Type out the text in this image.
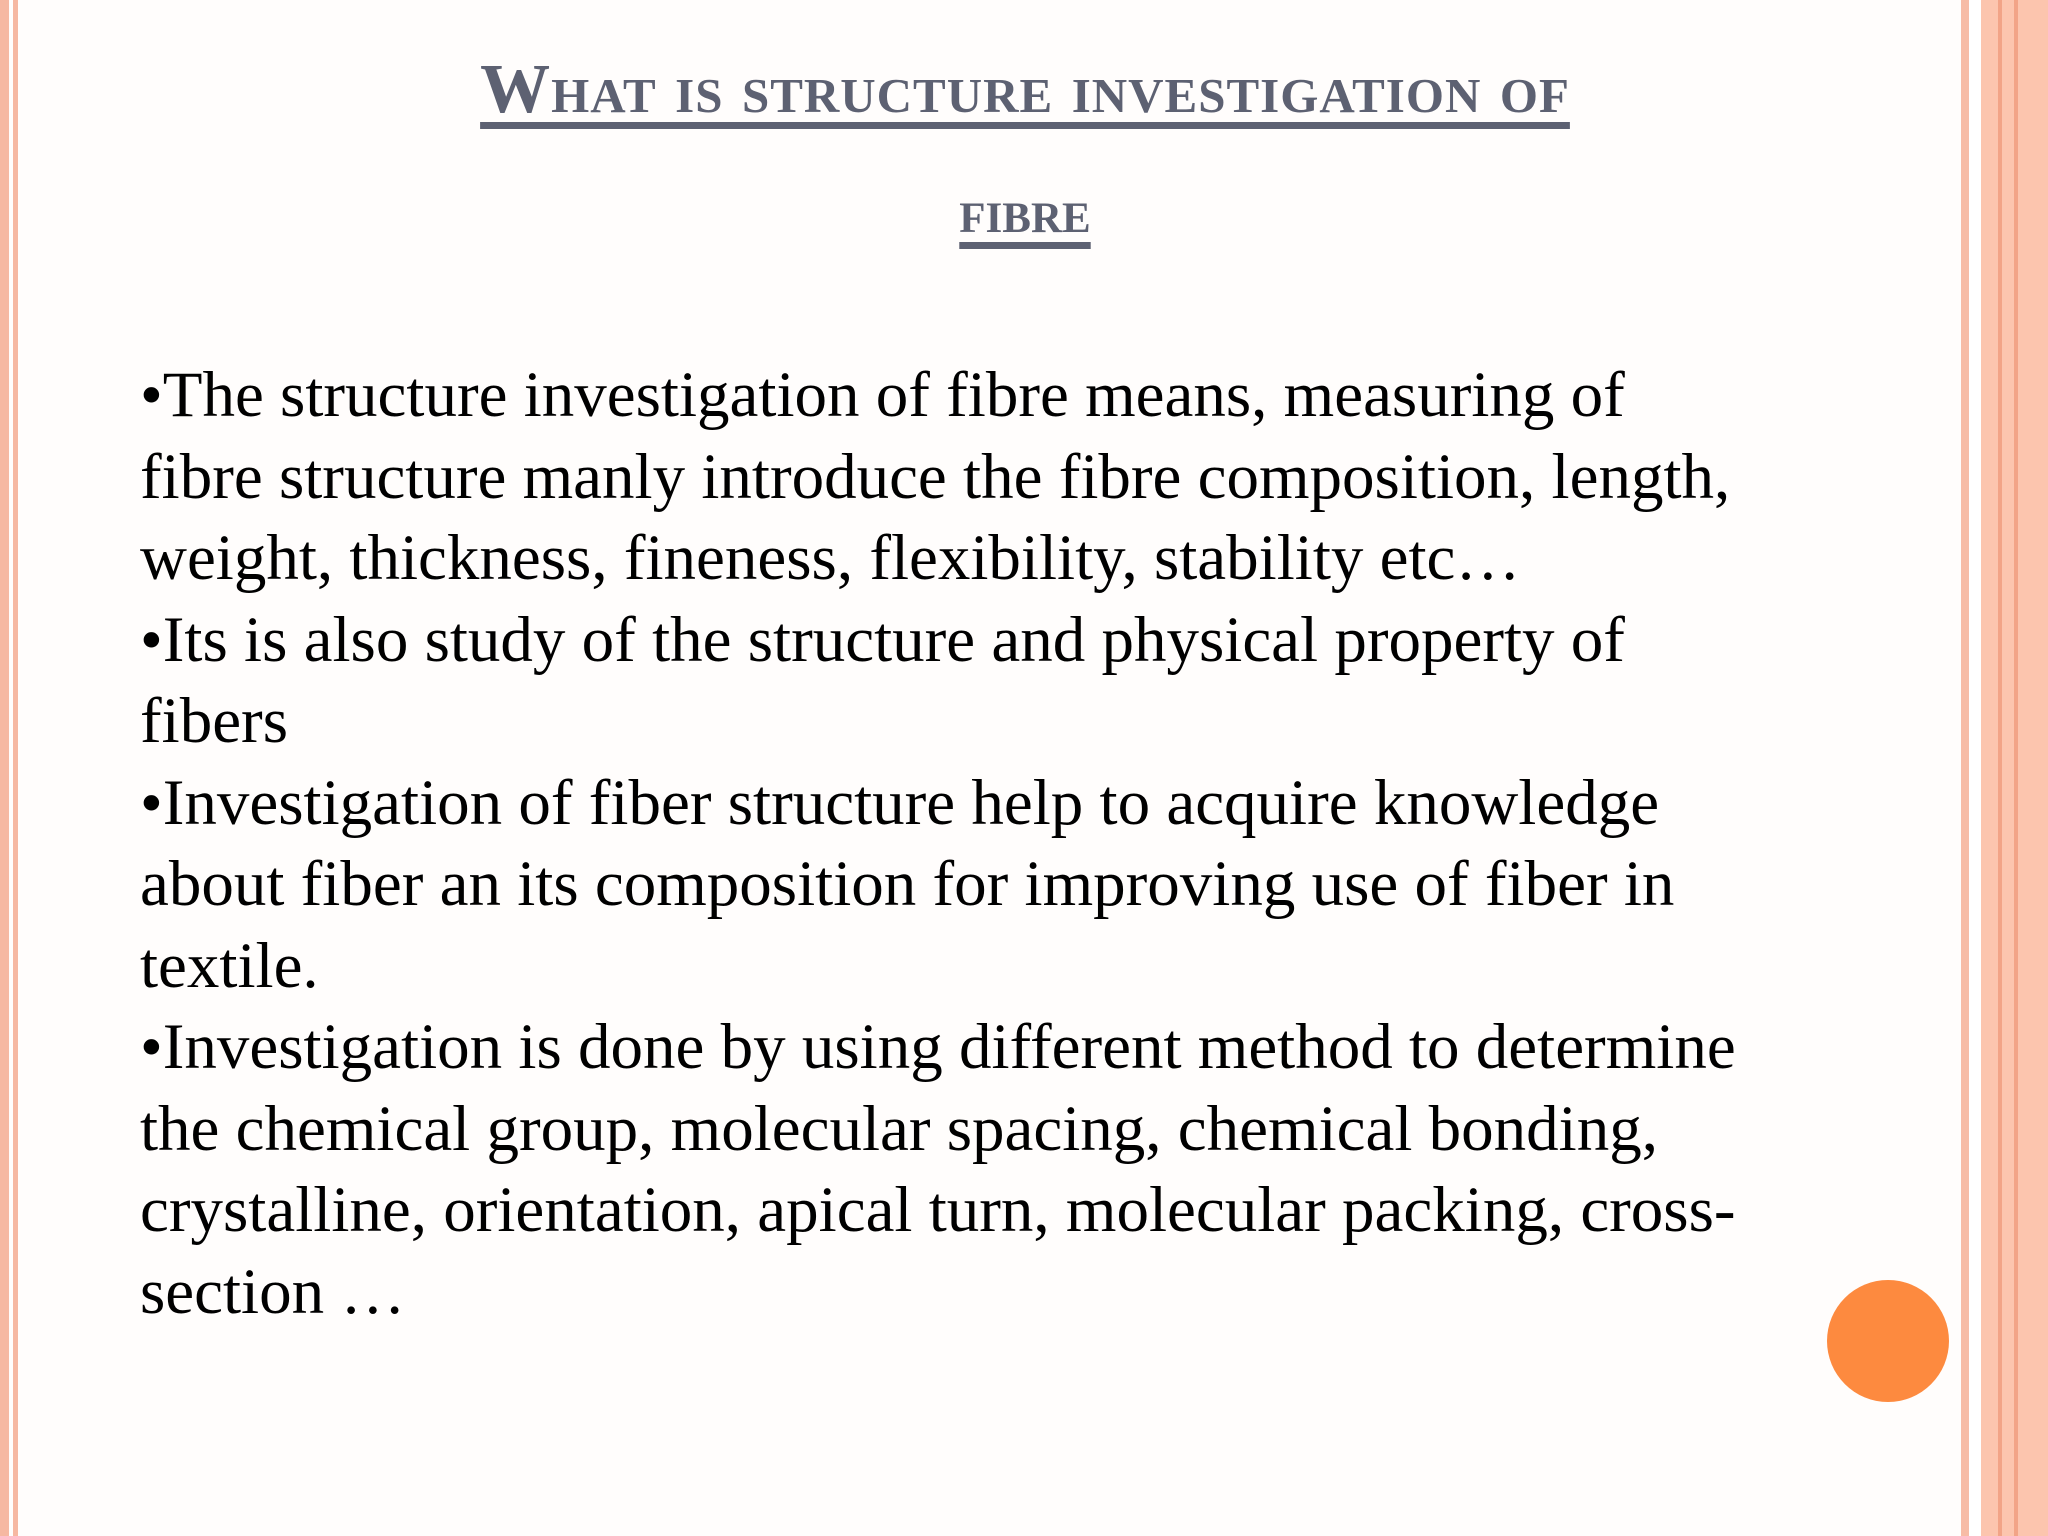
What is structure investigation of
fibre
•The structure investigation of fibre means, measuring of
fibre structure manly introduce the fibre composition, length,
weight, thickness, fineness, flexibility, stability etc…
•Its is also study of the structure and physical property of
fibers
•Investigation of fiber structure help to acquire knowledge
about fiber an its composition for improving use of fiber in
textile.
•Investigation is done by using different method to determine
the chemical group, molecular spacing, chemical bonding,
crystalline, orientation, apical turn, molecular packing, cross-
section …
